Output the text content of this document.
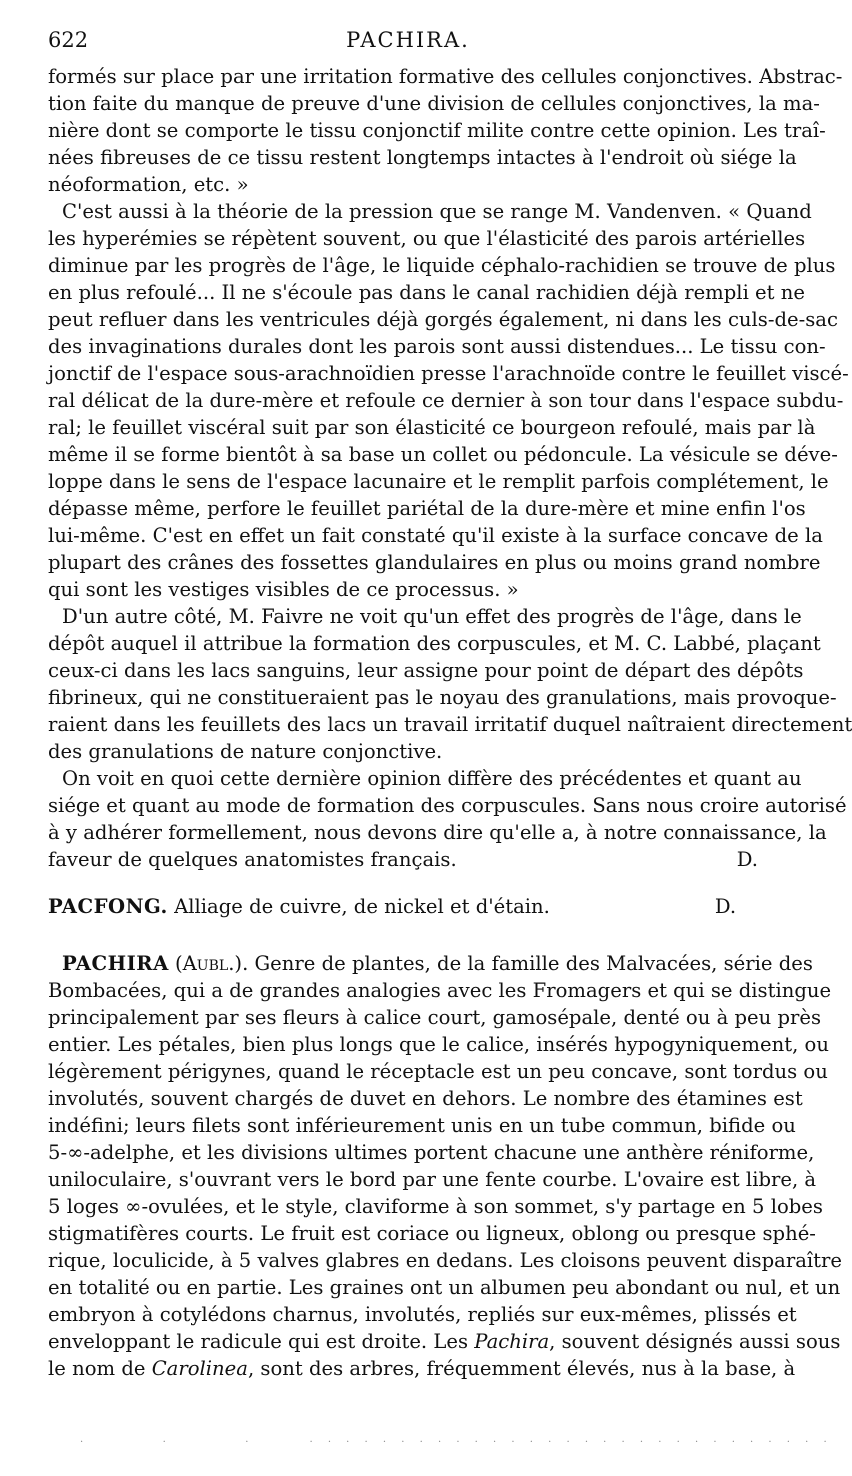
622	PACHIRA.
formés sur place par une irritation formative des cellules conjonctives. Abstrac-
tion faite du manque de preuve d'une division de cellules conjonctives, la ma-
nière dont se comporte le tissu conjonctif milite contre cette opinion. Les traî-
nées fibreuses de ce tissu restent longtemps intactes à l'endroit où siége la
néoformation, etc. »
C'est aussi à la théorie de la pression que se range M. Vandenven. « Quand
les hyperémies se répètent souvent, ou que l'élasticité des parois artérielles
diminue par les progrès de l'âge, le liquide céphalo-rachidien se trouve de plus
en plus refoulé... Il ne s'écoule pas dans le canal rachidien déjà rempli et ne
peut refluer dans les ventricules déjà gorgés également, ni dans les culs-de-sac
des invaginations durales dont les parois sont aussi distendues... Le tissu con-
jonctif de l'espace sous-arachnoïdien presse l'arachnoïde contre le feuillet viscé-
ral délicat de la dure-mère et refoule ce dernier à son tour dans l'espace subdu-
ral; le feuillet viscéral suit par son élasticité ce bourgeon refoulé, mais par là
même il se forme bientôt à sa base un collet ou pédoncule. La vésicule se déve-
loppe dans le sens de l'espace lacunaire et le remplit parfois complétement, le
dépasse même, perfore le feuillet pariétal de la dure-mère et mine enfin l'os
lui-même. C'est en effet un fait constaté qu'il existe à la surface concave de la
plupart des crânes des fossettes glandulaires en plus ou moins grand nombre
qui sont les vestiges visibles de ce processus. »
D'un autre côté, M. Faivre ne voit qu'un effet des progrès de l'âge, dans le
dépôt auquel il attribue la formation des corpuscules, et M. C. Labbé, plaçant
ceux-ci dans les lacs sanguins, leur assigne pour point de départ des dépôts
fibrineux, qui ne constitueraient pas le noyau des granulations, mais provoque-
raient dans les feuillets des lacs un travail irritatif duquel naîtraient directement
des granulations de nature conjonctive.
On voit en quoi cette dernière opinion diffère des précédentes et quant au
siége et quant au mode de formation des corpuscules. Sans nous croire autorisé
à y adhérer formellement, nous devons dire qu'elle a, à notre connaissance, la
faveur de quelques anatomistes français.	D.
PACFONG. Alliage de cuivre, de nickel et d'étain.	D.
PACHIRA (Aubl.). Genre de plantes, de la famille des Malvacées, série des
Bombacées, qui a de grandes analogies avec les Fromagers et qui se distingue
principalement par ses fleurs à calice court, gamosépale, denté ou à peu près
entier. Les pétales, bien plus longs que le calice, insérés hypogyniquement, ou
légèrement périgynes, quand le réceptacle est un peu concave, sont tordus ou
involutés, souvent chargés de duvet en dehors. Le nombre des étamines est
indéfini; leurs filets sont inférieurement unis en un tube commun, bifide ou
5-∞-adelphe, et les divisions ultimes portent chacune une anthère réniforme,
uniloculaire, s'ouvrant vers le bord par une fente courbe. L'ovaire est libre, à
5 loges ∞-ovulées, et le style, claviforme à son sommet, s'y partage en 5 lobes
stigmatifères courts. Le fruit est coriace ou ligneux, oblong ou presque sphé-
rique, loculicide, à 5 valves glabres en dedans. Les cloisons peuvent disparaître
en totalité ou en partie. Les graines ont un albumen peu abondant ou nul, et un
embryon à cotylédons charnus, involutés, repliés sur eux-mêmes, plissés et
enveloppant le radicule qui est droite. Les Pachira, souvent désignés aussi sous
le nom de Carolinea, sont des arbres, fréquemment élevés, nus à la base, à
.        .        .      . . . . . . . . . . . . . . . . . . . . . . . . . . . . .
